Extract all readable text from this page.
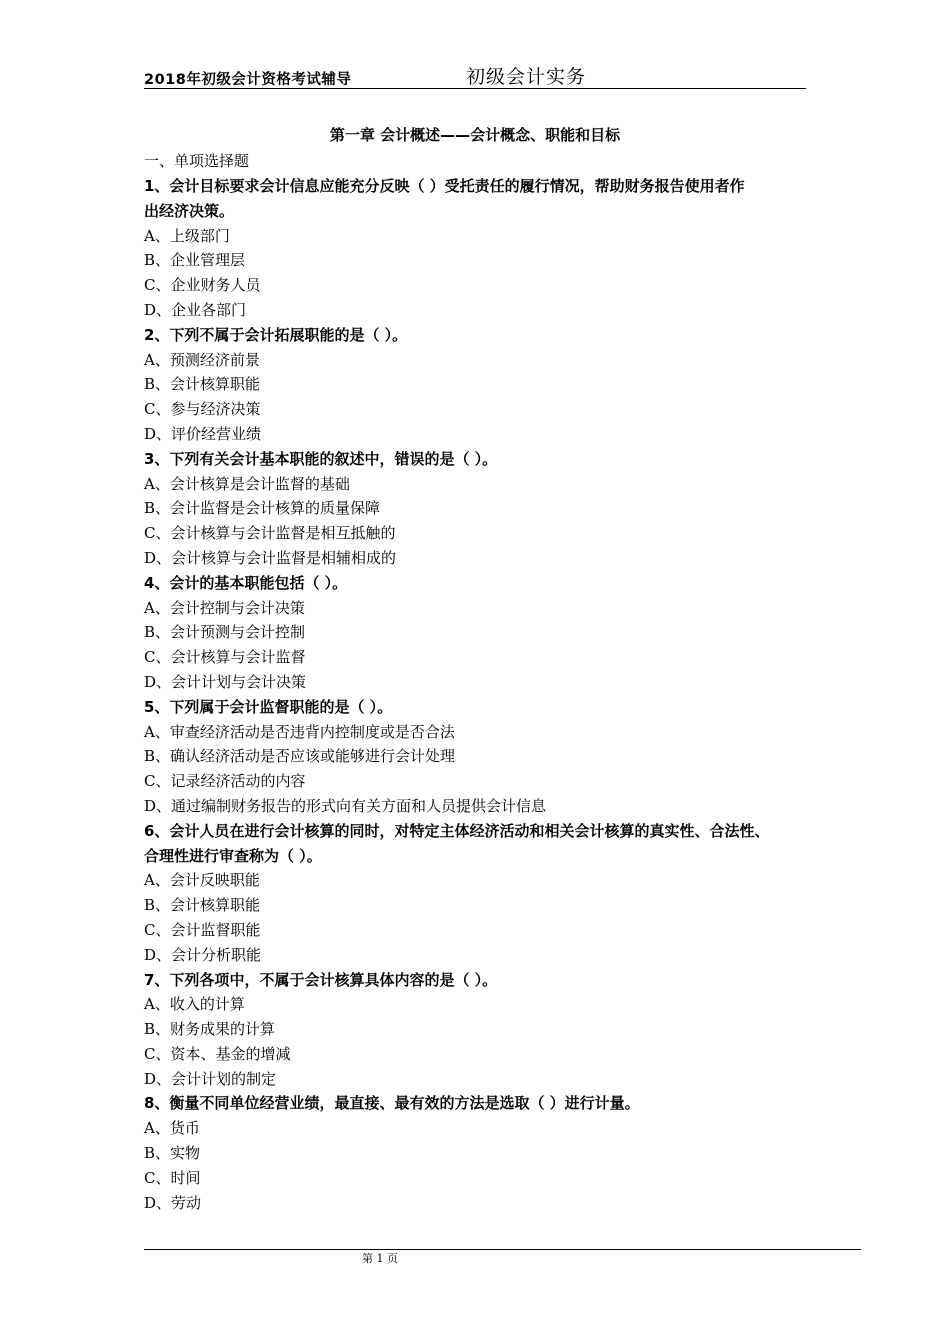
2018年初级会计资格考试辅导	初级会计实务
第一章 会计概述——会计概念、职能和目标
一、单项选择题

1、会计目标要求会计信息应能充分反映（ ）受托责任的履行情况，帮助财务报告使用者作

出经济决策。

A、上级部门

B、企业管理层

C、企业财务人员

D、企业各部门

2、下列不属于会计拓展职能的是（ ）。

A、预测经济前景

B、会计核算职能

C、参与经济决策

D、评价经营业绩

3、下列有关会计基本职能的叙述中，错误的是（ ）。

A、会计核算是会计监督的基础

B、会计监督是会计核算的质量保障

C、会计核算与会计监督是相互抵触的

D、会计核算与会计监督是相辅相成的

4、会计的基本职能包括（ ）。

A、会计控制与会计决策

B、会计预测与会计控制

C、会计核算与会计监督

D、会计计划与会计决策

5、下列属于会计监督职能的是（ ）。

A、审查经济活动是否违背内控制度或是否合法

B、确认经济活动是否应该或能够进行会计处理

C、记录经济活动的内容

D、通过编制财务报告的形式向有关方面和人员提供会计信息

6、会计人员在进行会计核算的同时，对特定主体经济活动和相关会计核算的真实性、合法性、

合理性进行审查称为（ ）。

A、会计反映职能

B、会计核算职能

C、会计监督职能

D、会计分析职能

7、下列各项中，不属于会计核算具体内容的是（ ）。

A、收入的计算

B、财务成果的计算

C、资本、基金的增减

D、会计计划的制定

8、衡量不同单位经营业绩，最直接、最有效的方法是选取（ ）进行计量。

A、货币

B、实物

C、时间

D、劳动

第 1 页
